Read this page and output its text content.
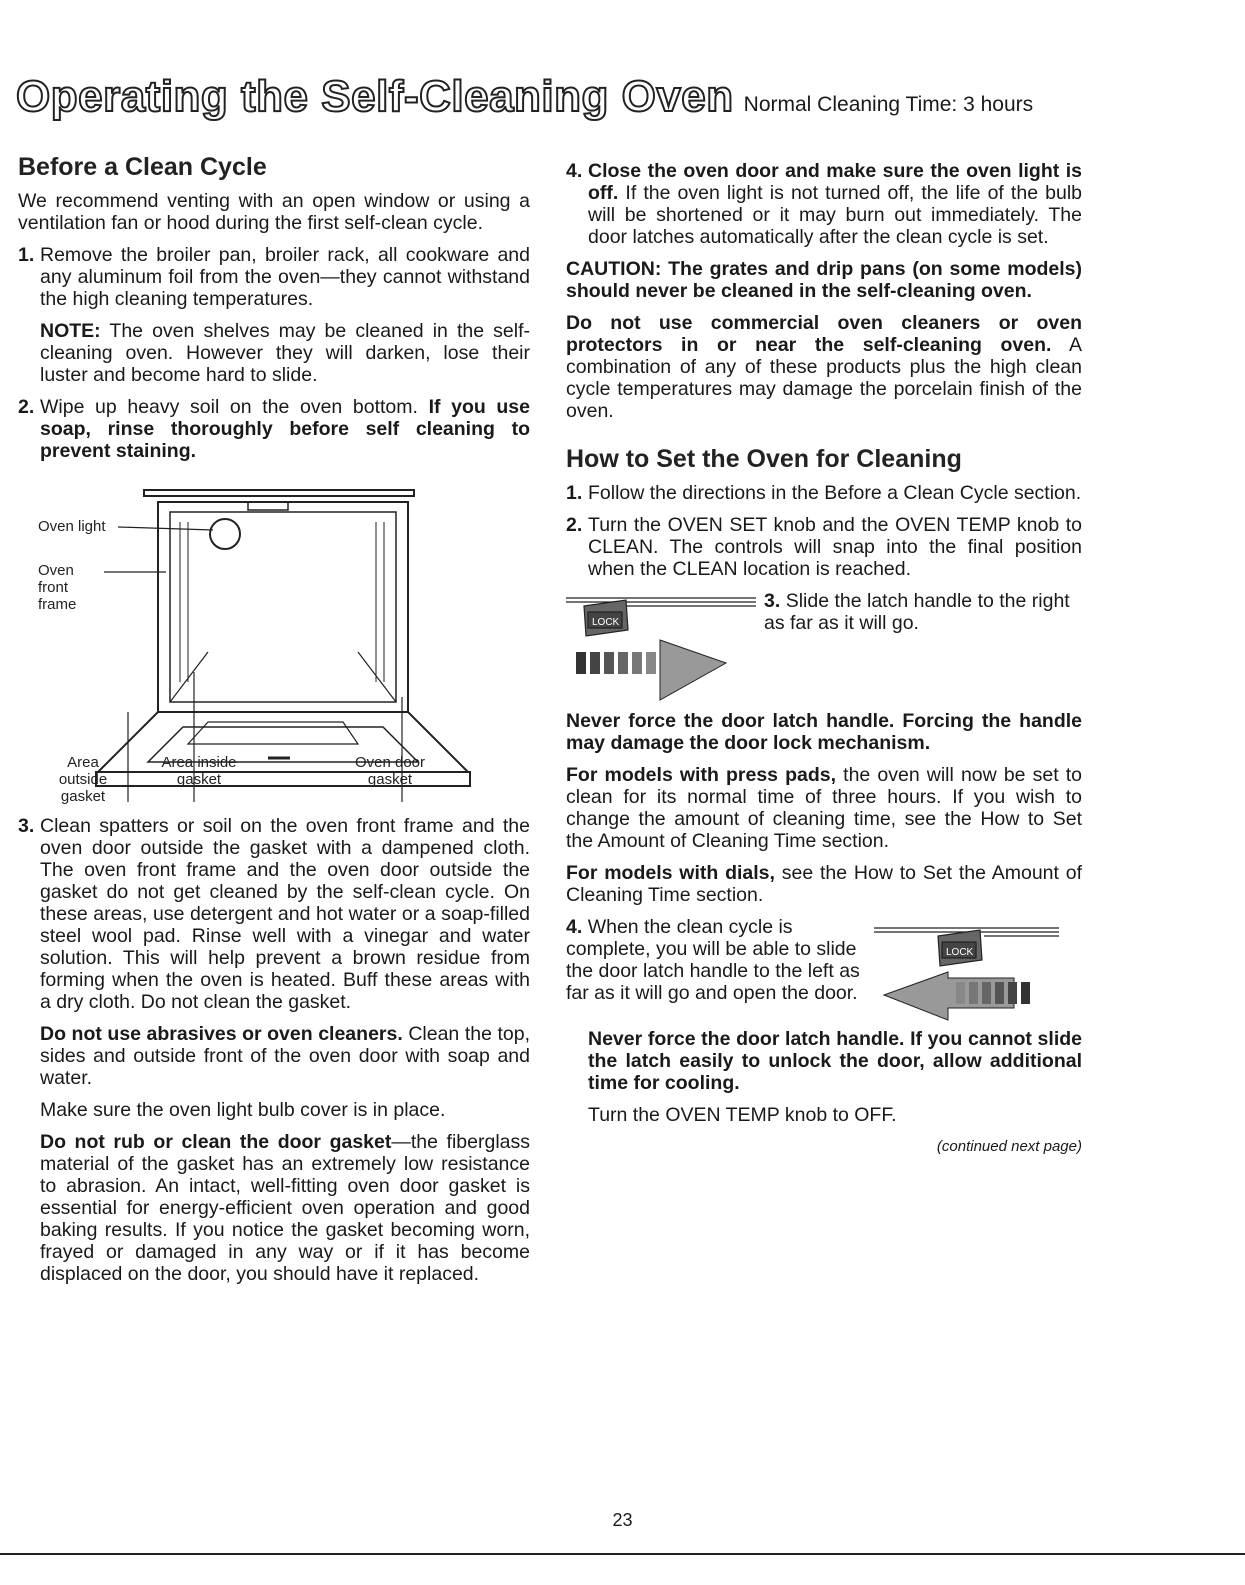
Operating the Self-Cleaning Oven Normal Cleaning Time: 3 hours
Before a Clean Cycle

We recommend venting with an open window or using a ventilation fan or hood during the first self-clean cycle.

1. Remove the broiler pan, broiler rack, all cookware and any aluminum foil from the oven—they cannot withstand the high cleaning temperatures.

NOTE: The oven shelves may be cleaned in the self-cleaning oven. However they will darken, lose their luster and become hard to slide.

2. Wipe up heavy soil on the oven bottom. If you use soap, rinse thoroughly before self cleaning to prevent staining.
Oven light
Oven front frame
Area outside gasket
Area inside gasket
Oven door gasket
3. Clean spatters or soil on the oven front frame and the oven door outside the gasket with a dampened cloth. The oven front frame and the oven door outside the gasket do not get cleaned by the self-clean cycle. On these areas, use detergent and hot water or a soap-filled steel wool pad. Rinse well with a vinegar and water solution. This will help prevent a brown residue from forming when the oven is heated. Buff these areas with a dry cloth. Do not clean the gasket.

Do not use abrasives or oven cleaners. Clean the top, sides and outside front of the oven door with soap and water.

Make sure the oven light bulb cover is in place.

Do not rub or clean the door gasket—the fiberglass material of the gasket has an extremely low resistance to abrasion. An intact, well-fitting oven door gasket is essential for energy-efficient oven operation and good baking results. If you notice the gasket becoming worn, frayed or damaged in any way or if it has become displaced on the door, you should have it replaced.

4. Close the oven door and make sure the oven light is off. If the oven light is not turned off, the life of the bulb will be shortened or it may burn out immediately. The door latches automatically after the clean cycle is set.

CAUTION: The grates and drip pans (on some models) should never be cleaned in the self-cleaning oven.

Do not use commercial oven cleaners or oven protectors in or near the self-cleaning oven. A combination of any of these products plus the high clean cycle temperatures may damage the porcelain finish of the oven.

How to Set the Oven for Cleaning
1. Follow the directions in the Before a Clean Cycle section.
2. Turn the OVEN SET knob and the OVEN TEMP knob to CLEAN. The controls will snap into the final position when the CLEAN location is reached.
LOCK
3. Slide the latch handle to the right as far as it will go.

Never force the door latch handle. Forcing the handle may damage the door lock mechanism.

For models with press pads, the oven will now be set to clean for its normal time of three hours. If you wish to change the amount of cleaning time, see the How to Set the Amount of Cleaning Time section.

For models with dials, see the How to Set the Amount of Cleaning Time section.

4. When the clean cycle is complete, you will be able to slide the door latch handle to the left as far as it will go and open the door.
LOCK

Never force the door latch handle. If you cannot slide the latch easily to unlock the door, allow additional time for cooling.

Turn the OVEN TEMP knob to OFF.

(continued next page)

23
